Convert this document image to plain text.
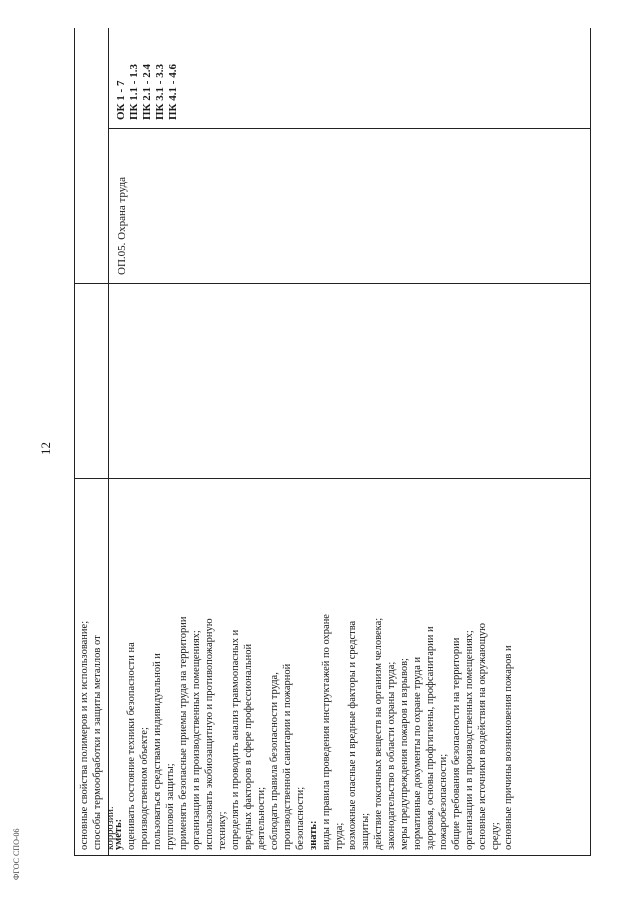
12
ФГОС СПО-06
основные свойства полимеров и их использование; способы термообработки и защиты металлов от коррозии.
уметь: оценивать состояние техники безопасности на производственном объекте; пользоваться средствами индивидуальной и групповой защиты; применять безопасные приемы труда на территории организации и в производственных помещениях; использовать экобиозащитную и противопожарную технику; определять и проводить анализ травмоопасных и вредных факторов в сфере профессиональной деятельности; соблюдать правила безопасности труда, производственной санитарии и пожарной безопасности; знать: виды и правила проведения инструктажей по охране труда; возможные опасные и вредные факторы и средства защиты; действие токсичных веществ на организм человека; законодательство в области охраны труда; меры предупреждения пожаров и взрывов; нормативные документы по охране труда и здоровья, основы профгигиены, профсанитарии и пожаробезопасности; общие требования безопасности на территории организации и в производственных помещениях; основные источники воздействия на окружающую среду; основные причины возникновения пожаров и
ОП.05. Охрана труда
ОК 1 - 7 ПК 1.1 - 1.3 ПК 2.1 - 2.4 ПК 3.1 - 3.3 ПК 4.1 - 4.6
